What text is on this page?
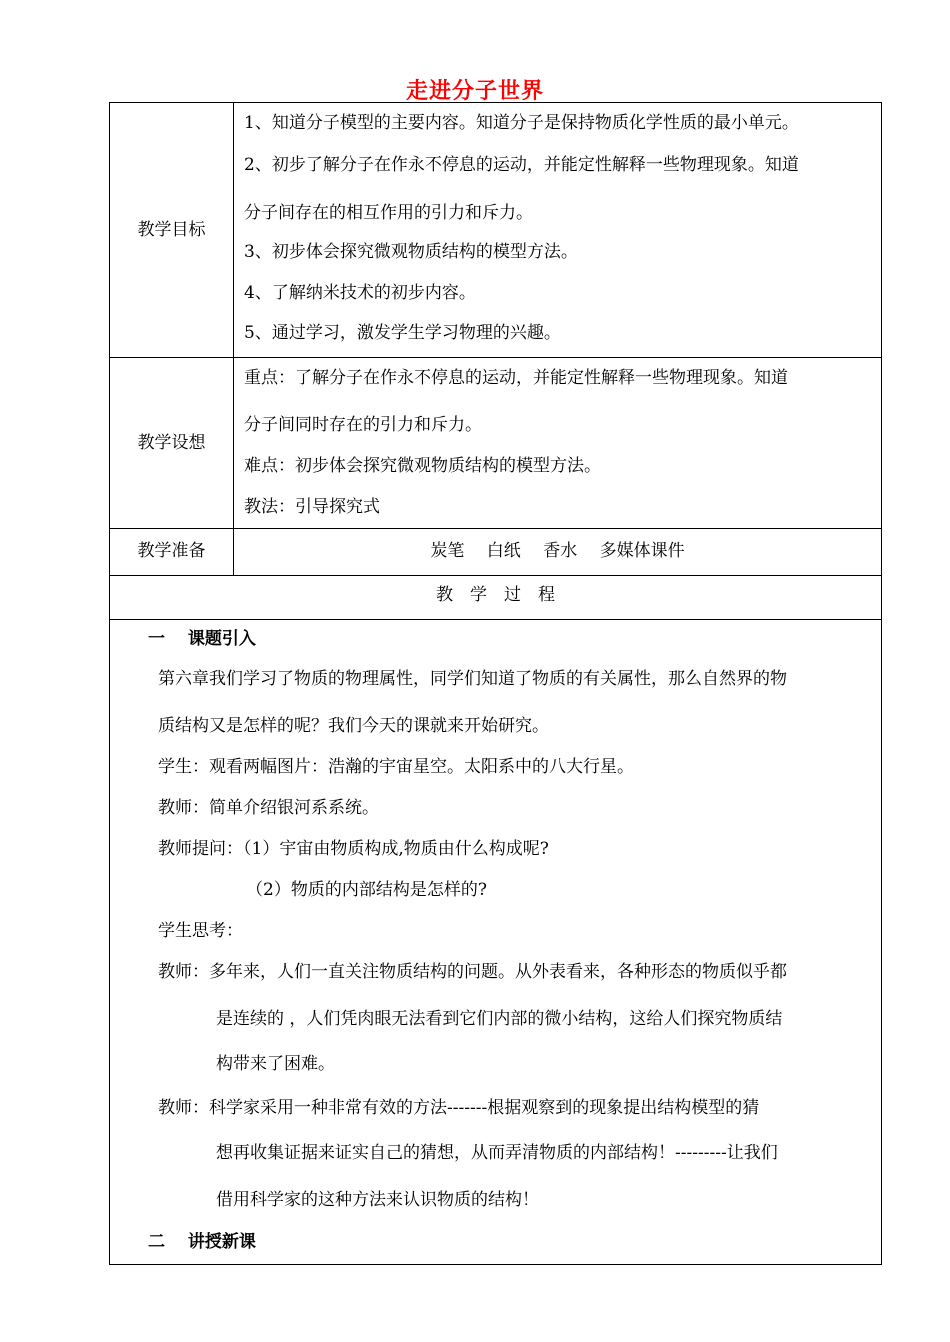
走进分子世界
教学目标
1、知道分子模型的主要内容。知道分子是保持物质化学性质的最小单元。
2、初步了解分子在作永不停息的运动，并能定性解释一些物理现象。知道
分子间存在的相互作用的引力和斥力。
3、初步体会探究微观物质结构的模型方法。
4、了解纳米技术的初步内容。
5、通过学习，激发学生学习物理的兴趣。
教学设想
重点：了解分子在作永不停息的运动，并能定性解释一些物理现象。知道
分子间同时存在的引力和斥力。
难点：初步体会探究微观物质结构的模型方法。
教法：引导探究式
教学准备	炭笔　 白纸　 香水　 多媒体课件
教　学　过　程
一　 课题引入
第六章我们学习了物质的物理属性，同学们知道了物质的有关属性，那么自然界的物
质结构又是怎样的呢？我们今天的课就来开始研究。
学生：观看两幅图片：浩瀚的宇宙星空。太阳系中的八大行星。
教师：简单介绍银河系系统。
教师提问：（1）宇宙由物质构成,物质由什么构成呢?
（2）物质的内部结构是怎样的?
学生思考：
教师：多年来，人们一直关注物质结构的问题。从外表看来，各种形态的物质似乎都
是连续的 ，人们凭肉眼无法看到它们内部的微小结构，这给人们探究物质结
构带来了困难。
教师：科学家采用一种非常有效的方法-------根据观察到的现象提出结构模型的猜
想再收集证据来证实自己的猜想，从而弄清物质的内部结构！---------让我们
借用科学家的这种方法来认识物质的结构！
二　 讲授新课
